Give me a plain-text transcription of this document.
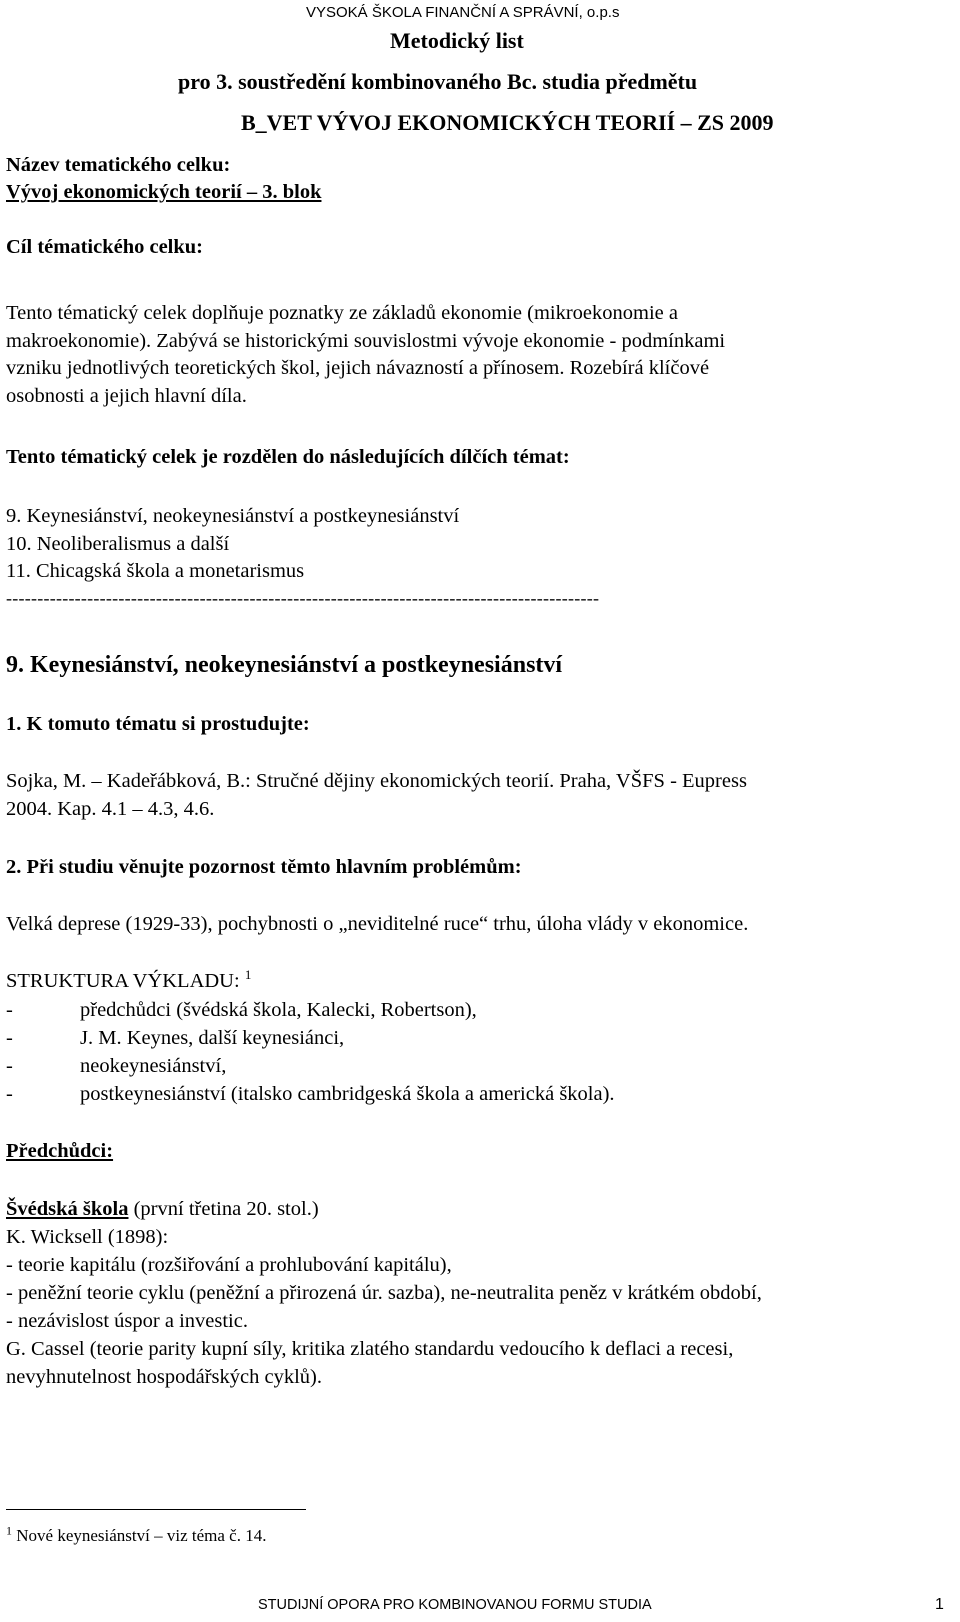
VYSOKÁ ŠKOLA FINANČNÍ A SPRÁVNÍ, o.p.s
Metodický list
pro 3. soustředění kombinovaného Bc. studia předmětu
B_VET VÝVOJ EKONOMICKÝCH TEORIÍ – ZS 2009
Název tematického celku:
Vývoj ekonomických teorií – 3. blok
Cíl tématického celku:
Tento tématický celek doplňuje poznatky ze základů ekonomie (mikroekonomie a
makroekonomie). Zabývá se historickými souvislostmi vývoje ekonomie - podmínkami
vzniku jednotlivých teoretických škol, jejich návazností a přínosem. Rozebírá klíčové
osobnosti a jejich hlavní díla.
Tento tématický celek je rozdělen do následujících dílčích témat:
9. Keynesiánství, neokeynesiánství a postkeynesiánství
10. Neoliberalismus a další
11. Chicagská škola a monetarismus
-----------------------------------------------------------------------------------------------
9. Keynesiánství, neokeynesiánství a postkeynesiánství
1. K tomuto tématu si prostudujte:
Sojka, M. – Kadeřábková, B.: Stručné dějiny ekonomických teorií. Praha, VŠFS - Eupress
2004. Kap. 4.1 – 4.3, 4.6.
2. Při studiu věnujte pozornost těmto hlavním problémům:
Velká deprese (1929-33), pochybnosti o „neviditelné ruce“ trhu, úloha vlády v ekonomice.
STRUKTURA VÝKLADU: $^1$
-	předchůdci (švédská škola, Kalecki, Robertson),
-	J. M. Keynes, další keynesiánci,
-	neokeynesiánství,
-	postkeynesiánství (italsko cambridgeská škola a americká škola).
Předchůdci:
Švédská škola (první třetina 20. stol.)
K. Wicksell (1898):
- teorie kapitálu (rozšiřování a prohlubování kapitálu),
- peněžní teorie cyklu (peněžní a přirozená úr. sazba), ne-neutralita peněz v krátkém období,
- nezávislost úspor a investic.
G. Cassel (teorie parity kupní síly, kritika zlatého standardu vedoucího k deflaci a recesi,
nevyhnutelnost hospodářských cyklů).
$^1$ Nové keynesiánství – viz téma č. 14.
STUDIJNÍ OPORA PRO KOMBINOVANOU FORMU STUDIA	1
